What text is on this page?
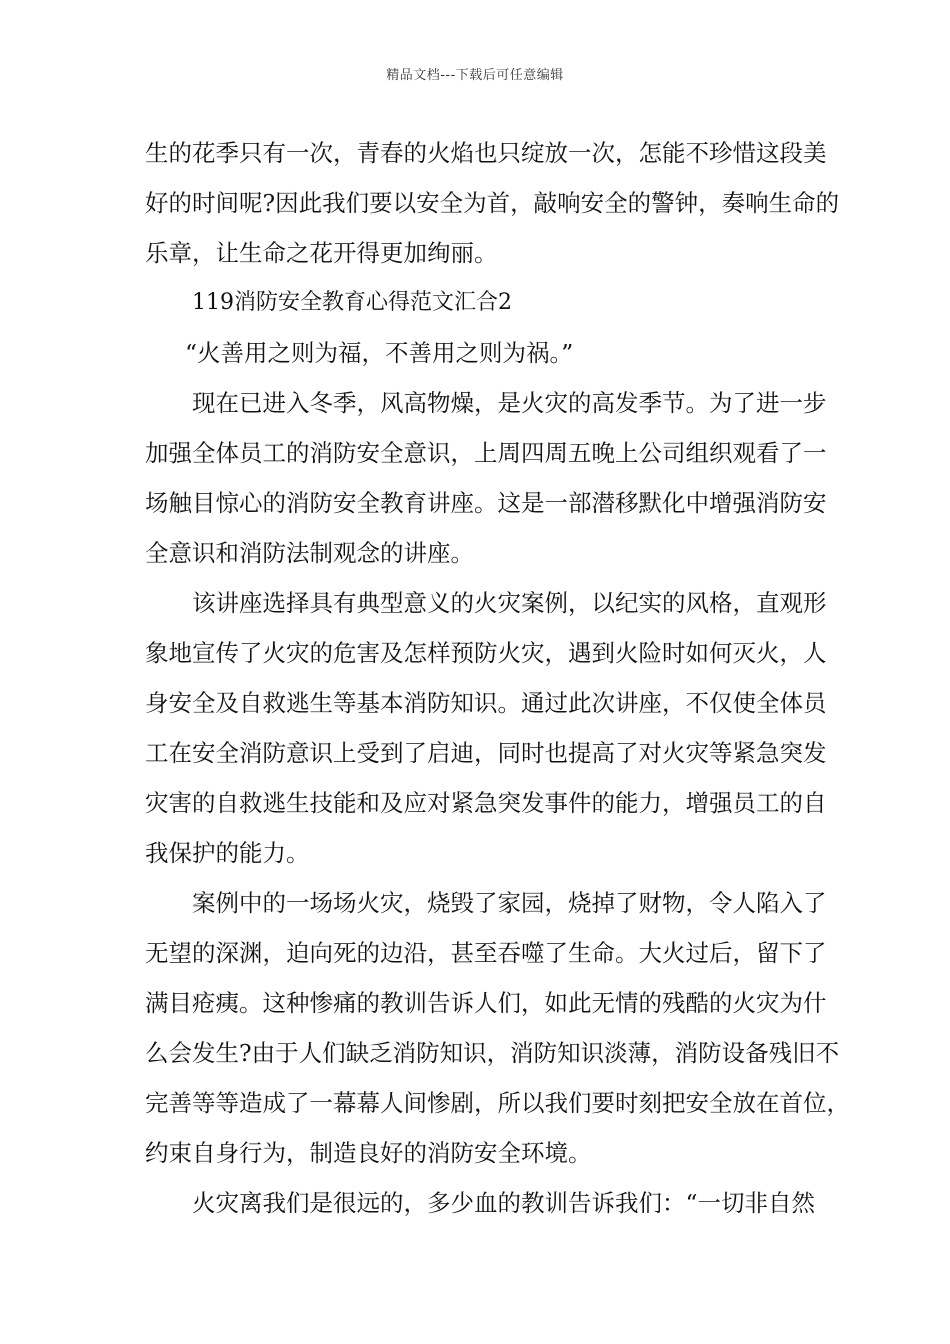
精品文档---下载后可任意编辑
生的花季只有一次，青春的火焰也只绽放一次，怎能不珍惜这段美
好的时间呢?因此我们要以安全为首，敲响安全的警钟，奏响生命的
乐章，让生命之花开得更加绚丽。
119消防安全教育心得范文汇合2
“火善用之则为福，不善用之则为祸。”
现在已进入冬季，风高物燥，是火灾的高发季节。为了进一步
加强全体员工的消防安全意识，上周四周五晚上公司组织观看了一
场触目惊心的消防安全教育讲座。这是一部潜移默化中增强消防安
全意识和消防法制观念的讲座。
该讲座选择具有典型意义的火灾案例，以纪实的风格，直观形
象地宣传了火灾的危害及怎样预防火灾，遇到火险时如何灭火，人
身安全及自救逃生等基本消防知识。通过此次讲座，不仅使全体员
工在安全消防意识上受到了启迪，同时也提高了对火灾等紧急突发
灾害的自救逃生技能和及应对紧急突发事件的能力，增强员工的自
我保护的能力。
案例中的一场场火灾，烧毁了家园，烧掉了财物，令人陷入了
无望的深渊，迫向死的边沿，甚至吞噬了生命。大火过后，留下了
满目疮痍。这种惨痛的教训告诉人们，如此无情的残酷的火灾为什
么会发生?由于人们缺乏消防知识，消防知识淡薄，消防设备残旧不
完善等等造成了一幕幕人间惨剧，所以我们要时刻把安全放在首位，
约束自身行为，制造良好的消防安全环境。
火灾离我们是很远的，多少血的教训告诉我们：“一切非自然
